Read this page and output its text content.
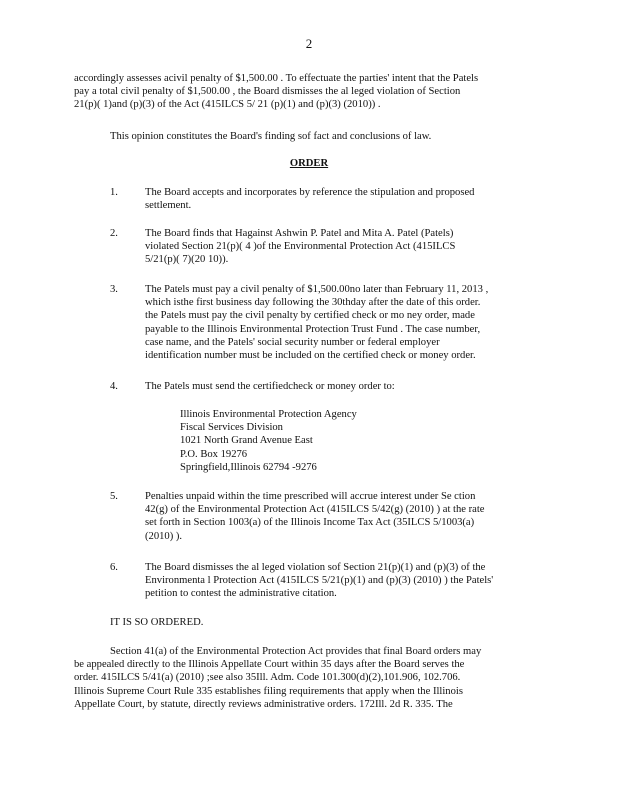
2
accordingly assesses acivil penalty of $1,500.00 . To effectuate the parties' intent that the Patels
pay a total civil penalty of $1,500.00 , the Board dismisses the al leged violation of Section
21(p)( 1)and (p)(3) of the Act (415ILCS 5/ 21 (p)(1) and (p)(3) (2010)) .
This opinion constitutes the Board's finding sof fact and conclusions of law.
ORDER
1.	The Board accepts and incorporates by reference the stipulation and proposed
settlement.
2.	The Board finds that Hagainst Ashwin P. Patel and Mita A. Patel (Patels)
violated Section 21(p)( 4 )of the Environmental Protection Act (415ILCS
5/21(p)( 7)(20 10)).
3.	The Patels must pay a civil penalty of $1,500.00no later than February 11, 2013 ,
which isthe first business day following the 30thday after the date of this order.
the Patels must pay the civil penalty by certified check or mo ney order, made
payable to the Illinois Environmental Protection Trust Fund . The case number,
case name, and the Patels' social security number or federal employer
identification number must be included on the certified check or money order.
4.	The Patels must send the certifiedcheck or money order to:
Illinois Environmental Protection Agency
Fiscal Services Division
1021 North Grand Avenue East
P.O. Box 19276
Springfield,Illinois 62794 -9276
5.	Penalties unpaid within the time prescribed will accrue interest under Se ction
42(g) of the Environmental Protection Act (415ILCS 5/42(g) (2010) ) at the rate
set forth in Section 1003(a) of the Illinois Income Tax Act (35ILCS 5/1003(a)
(2010) ).
6.	The Board dismisses the al leged violation sof Section 21(p)(1) and (p)(3) of the
Environmenta l Protection Act (415ILCS 5/21(p)(1) and (p)(3) (2010) ) the Patels'
petition to contest the administrative citation.
IT IS SO ORDERED.
Section 41(a) of the Environmental Protection Act provides that final Board orders may
be appealed directly to the Illinois Appellate Court within 35 days after the Board serves the
order. 415ILCS 5/41(a) (2010) ;see also 35Ill. Adm. Code 101.300(d)(2),101.906, 102.706.
Illinois Supreme Court Rule 335 establishes filing requirements that apply when the Illinois
Appellate Court, by statute, directly reviews administrative orders. 172Ill. 2d R. 335. The
